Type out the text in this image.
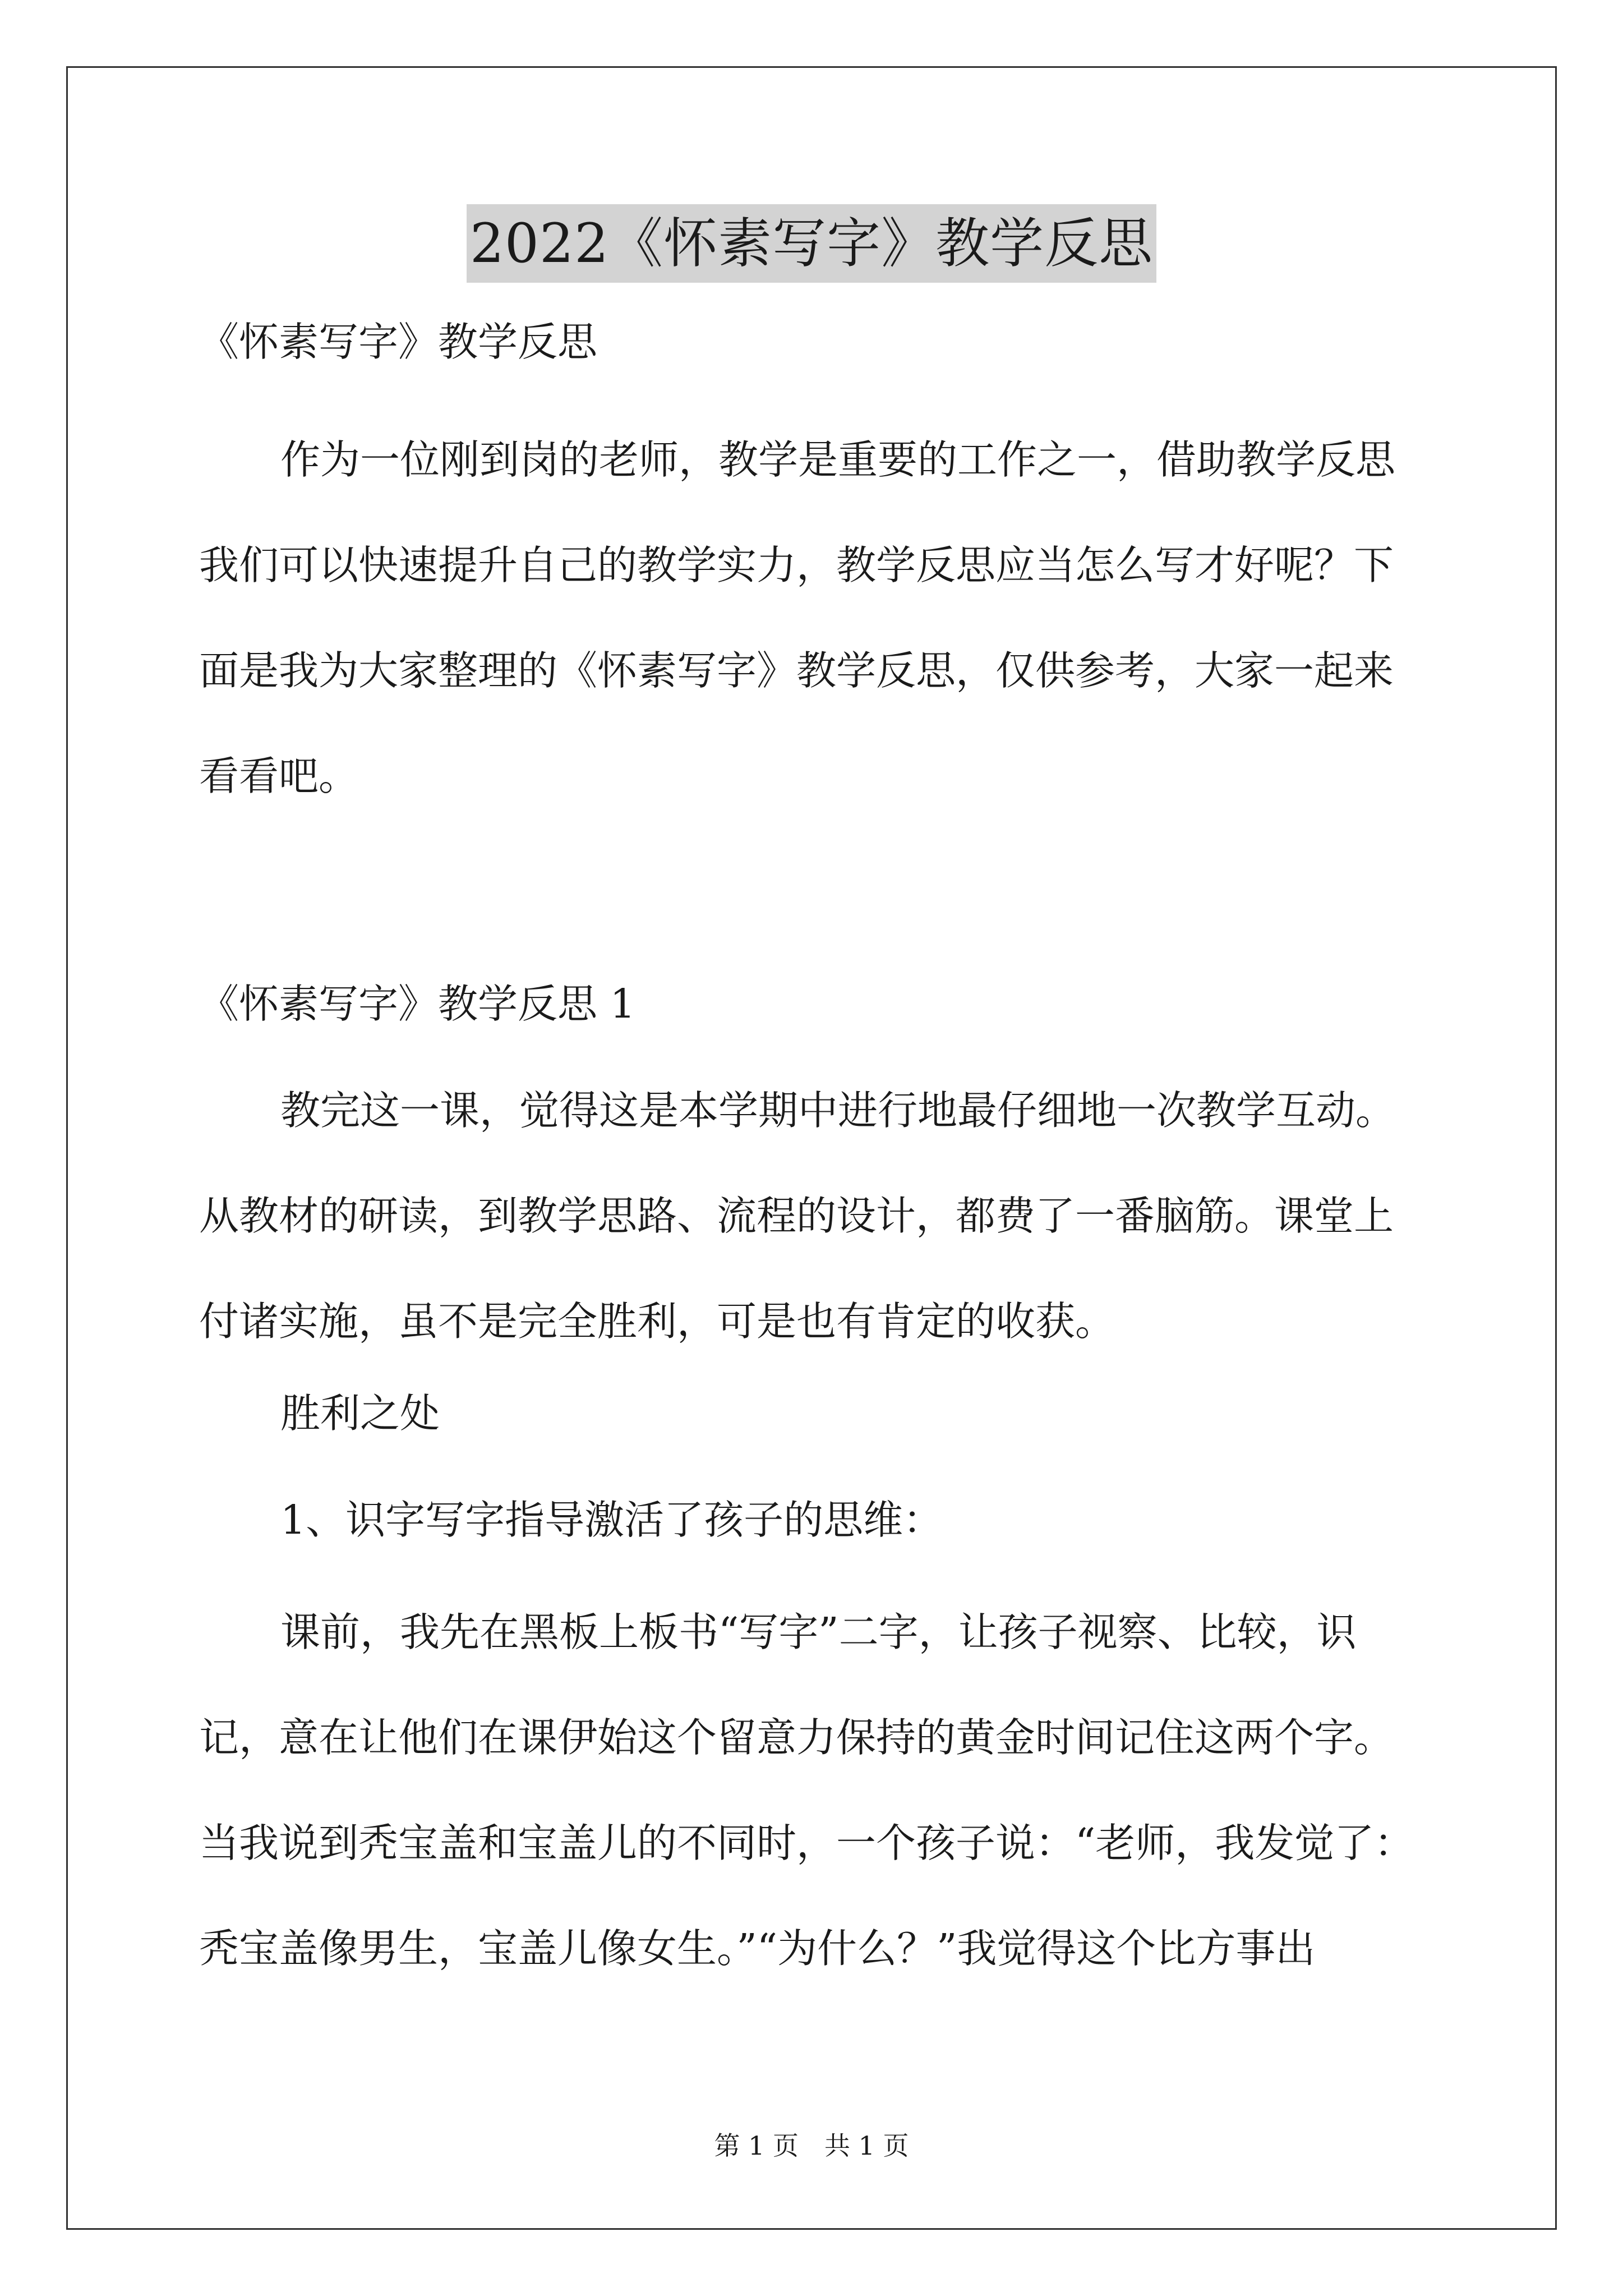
2022《怀素写字》教学反思

《怀素写字》教学反思

作为一位刚到岗的老师，教学是重要的工作之一，借助教学反思
我们可以快速提升自己的教学实力，教学反思应当怎么写才好呢？下
面是我为大家整理的《怀素写字》教学反思，仅供参考，大家一起来
看看吧。

《怀素写字》教学反思 1

教完这一课，觉得这是本学期中进行地最仔细地一次教学互动。
从教材的研读，到教学思路、流程的设计，都费了一番脑筋。课堂上
付诸实施，虽不是完全胜利，可是也有肯定的收获。

胜利之处

1、识字写字指导激活了孩子的思维：

课前，我先在黑板上板书“写字”二字，让孩子视察、比较，识
记，意在让他们在课伊始这个留意力保持的黄金时间记住这两个字。
当我说到秃宝盖和宝盖儿的不同时，一个孩子说：“老师，我发觉了：
秃宝盖像男生，宝盖儿像女生。”“为什么？”我觉得这个比方事出

第 1 页　共 1 页
